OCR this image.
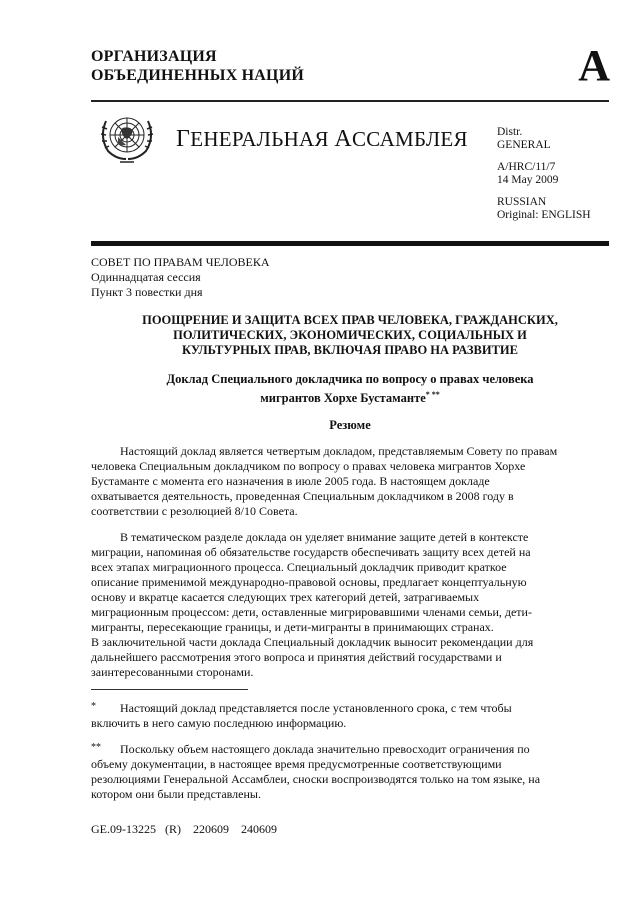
ОРГАНИЗАЦИЯ
ОБЪЕДИНЕННЫХ НАЦИЙ	A
ГЕНЕРАЛЬНАЯ АССАМБЛЕЯ	Distr.
GENERAL

A/HRC/11/7
14 May 2009

RUSSIAN
Original: ENGLISH

СОВЕТ ПО ПРАВАМ ЧЕЛОВЕКА
Одиннадцатая сессия
Пункт 3 повестки дня
ПООЩРЕНИЕ И ЗАЩИТА ВСЕХ ПРАВ ЧЕЛОВЕКА, ГРАЖДАНСКИХ,
ПОЛИТИЧЕСКИХ, ЭКОНОМИЧЕСКИХ, СОЦИАЛЬНЫХ И
КУЛЬТУРНЫХ ПРАВ, ВКЛЮЧАЯ ПРАВО НА РАЗВИТИЕ
Доклад Специального докладчика по вопросу о правах человека
мигрантов Хорхе Бустаманте* **
Резюме
Настоящий доклад является четвертым докладом, представляемым Совету по правам
человека Специальным докладчиком по вопросу о правах человека мигрантов Хорхе
Бустаманте с момента его назначения в июле 2005 года. В настоящем докладе
охватывается деятельность, проведенная Специальным докладчиком в 2008 году в
соответствии с резолюцией 8/10 Совета.
В тематическом разделе доклада он уделяет внимание защите детей в контексте
миграции, напоминая об обязательстве государств обеспечивать защиту всех детей на
всех этапах миграционного процесса. Специальный докладчик приводит краткое
описание применимой международно-правовой основы, предлагает концептуальную
основу и вкратце касается следующих трех категорий детей, затрагиваемых
миграционным процессом: дети, оставленные мигрировавшими членами семьи, дети-
мигранты, пересекающие границы, и дети-мигранты в принимающих странах.
В заключительной части доклада Специальный докладчик выносит рекомендации для
дальнейшего рассмотрения этого вопроса и принятия действий государствами и
заинтересованными сторонами.
* Настоящий доклад представляется после установленного срока, с тем чтобы
включить в него самую последнюю информацию.
** Поскольку объем настоящего доклада значительно превосходит ограничения по
объему документации, в настоящее время предусмотренные соответствующими
резолюциями Генеральной Ассамблеи, сноски воспроизводятся только на том языке, на
котором они были представлены.
GE.09-13225   (R)    220609    240609
